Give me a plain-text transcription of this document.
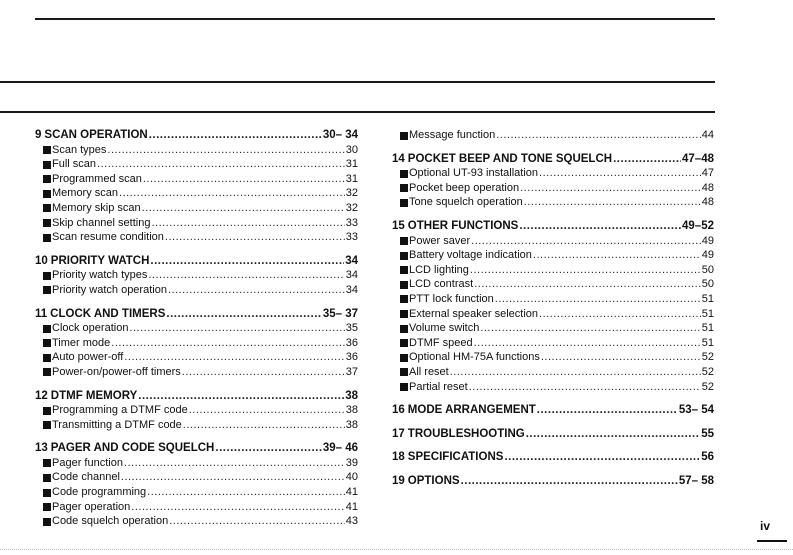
9 SCAN OPERATION .....	30– 34
Scan types .....	30
Full scan .....	31
Programmed scan .....	31
Memory scan .....	32
Memory skip scan .....	32
Skip channel setting .....	33
Scan resume condition .....	33
10 PRIORITY WATCH .....	34
Priority watch types .....	34
Priority watch operation .....	34
11 CLOCK AND TIMERS .....	35– 37
Clock operation .....	35
Timer mode .....	36
Auto power-off .....	36
Power-on/power-off timers .....	37
12 DTMF MEMORY .....	38
Programming a DTMF code .....	38
Transmitting a DTMF code .....	38
13 PAGER AND CODE SQUELCH .....	39– 46
Pager function .....	39
Code channel .....	40
Code programming .....	41
Pager operation .....	41
Code squelch operation .....	43
Message function .....	44
14 POCKET BEEP AND TONE SQUELCH .....	47–48
Optional UT-93 installation .....	47
Pocket beep operation .....	48
Tone squelch operation .....	48
15 OTHER FUNCTIONS .....	49–52
Power saver .....	49
Battery voltage indication .....	49
LCD lighting .....	50
LCD contrast .....	50
PTT lock function .....	51
External speaker selection .....	51
Volume switch .....	51
DTMF speed .....	51
Optional HM-75A functions .....	52
All reset .....	52
Partial reset .....	52
16 MODE ARRANGEMENT .....	53– 54
17 TROUBLESHOOTING .....	55
18 SPECIFICATIONS .....	56
19 OPTIONS .....	57– 58
iv
